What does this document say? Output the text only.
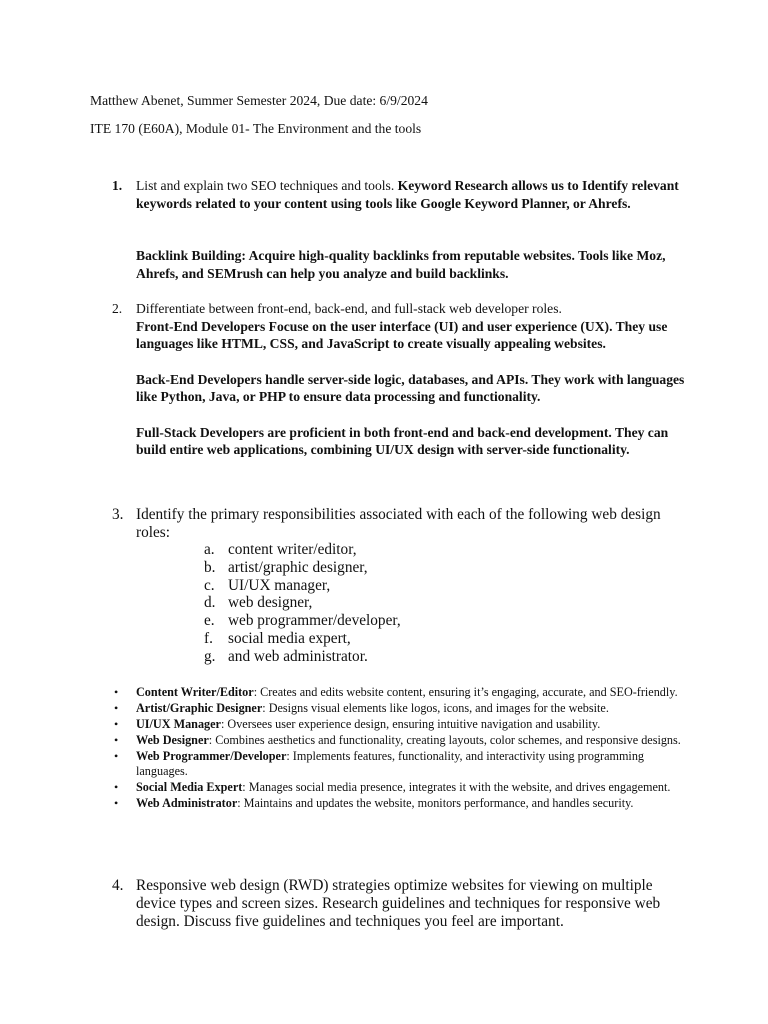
Matthew Abenet, Summer Semester 2024, Due date: 6/9/2024
ITE 170 (E60A), Module 01- The Environment and the tools
1. List and explain two SEO techniques and tools. Keyword Research allows us to Identify relevant keywords related to your content using tools like Google Keyword Planner, or Ahrefs.
Backlink Building: Acquire high-quality backlinks from reputable websites. Tools like Moz, Ahrefs, and SEMrush can help you analyze and build backlinks.
2. Differentiate between front-end, back-end, and full-stack web developer roles.
Front-End Developers Focuse on the user interface (UI) and user experience (UX). They use languages like HTML, CSS, and JavaScript to create visually appealing websites.
Back-End Developers handle server-side logic, databases, and APIs. They work with languages like Python, Java, or PHP to ensure data processing and functionality.
Full-Stack Developers are proficient in both front-end and back-end development. They can build entire web applications, combining UI/UX design with server-side functionality.
3. Identify the primary responsibilities associated with each of the following web design roles:
a. content writer/editor,
b. artist/graphic designer,
c. UI/UX manager,
d. web designer,
e. web programmer/developer,
f. social media expert,
g. and web administrator.
• Content Writer/Editor: Creates and edits website content, ensuring it’s engaging, accurate, and SEO-friendly.
• Artist/Graphic Designer: Designs visual elements like logos, icons, and images for the website.
• UI/UX Manager: Oversees user experience design, ensuring intuitive navigation and usability.
• Web Designer: Combines aesthetics and functionality, creating layouts, color schemes, and responsive designs.
• Web Programmer/Developer: Implements features, functionality, and interactivity using programming languages.
• Social Media Expert: Manages social media presence, integrates it with the website, and drives engagement.
• Web Administrator: Maintains and updates the website, monitors performance, and handles security.
4. Responsive web design (RWD) strategies optimize websites for viewing on multiple device types and screen sizes. Research guidelines and techniques for responsive web design. Discuss five guidelines and techniques you feel are important.
